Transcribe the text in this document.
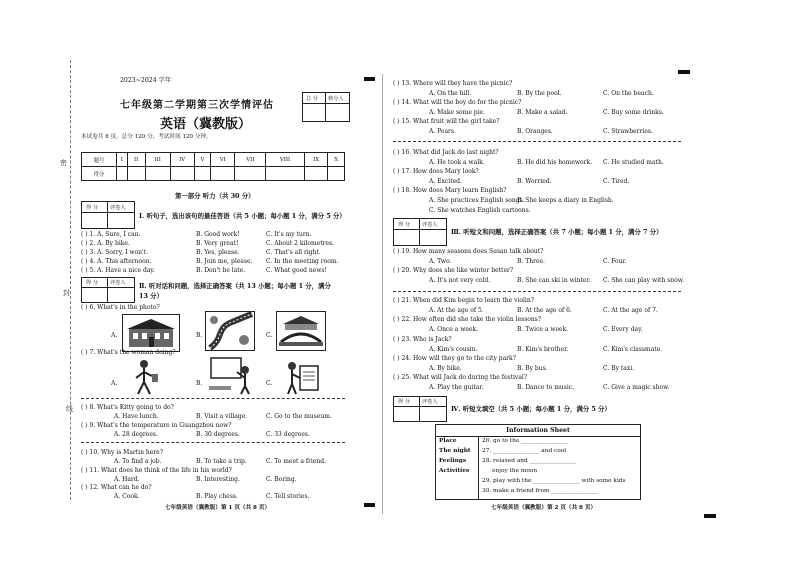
密
封
线
2023~2024 学年
七年级第二学期第三次学情评估
英语（冀教版）
总 分 核分人
本试卷共 8 页。总分 120 分，考试时间 120 分钟。
题号	I	II	III	IV	V	VI	VII	VIII	IX	X
得分										
第一部分 听力（共 30 分）
得 分 评卷人
Ⅰ. 听句子，选出该句的最佳答语（共 5 小题；每小题 1 分，满分 5 分）
( ) 1. A. Sure, I can.	B. Good work!	C. It's my turn.
( ) 2. A. By bike.	B. Very great!	C. About 2 kilometres.
( ) 3. A. Sorry, I won't.	B. Yes, please.	C. That's all right.
( ) 4. A. This afternoon.	B. Join me, please. C. In the meeting room.
( ) 5. A. Have a nice day.	B. Don't be late.	C. What good news!
得 分 评卷人 Ⅱ. 听对话和问题，选择正确答案（共 13 小题；每小题 1 分，满分
13 分）
( ) 6. What's in the photo?
A.	B.	C.
( ) 7. What's the woman doing?
A.	B.	C.
( ) 8. What's Kitty going to do?
A. Have lunch.	B. Visit a village.	C. Go to the museum.
( ) 9. What's the temperature in Guangzhou now?
A. 28 degrees.	B. 30 degrees.	C. 33 degrees.
( ) 10. Why is Martin here?
A. To find a job.	B. To take a trip.	C. To meet a friend.
( ) 11. What does he think of the life in his world?
A. Hard.	B. Interesting.	C. Boring.
( ) 12. What can he do?
A. Cook.	B. Play chess.	C. Tell stories.
七年级英语（冀教版）第 1 页（共 8 页）
( ) 13. Where will they have the picnic?
A. On the hill.	B. By the pool.	C. On the beach.
( ) 14. What will the boy do for the picnic?
A. Make some pie.	B. Make a salad.	C. Buy some drinks.
( ) 15. What fruit will the girl take?
A. Pears.	B. Oranges.	C. Strawberries.
( ) 16. What did Jack do last night?
A. He took a walk.	B. He did his homework. C. He studied math.
( ) 17. How does Mary look?
A. Excited.	B. Worried.	C. Tired.
( ) 18. How does Mary learn English?
A. She practices English songs.
B. She keeps a diary in English.
C. She watches English cartoons.
得 分 评卷人
Ⅲ. 听短文和问题，选择正确答案（共 7 小题；每小题 1 分，满分 7 分）
( ) 19. How many seasons does Susan talk about?
A. Two.	B. Three.	C. Four.
( ) 20. Why does she like winter better?
A. It's not very cold.	B. She can ski in winter. C. She can play with snow.
( ) 21. When did Kim begin to learn the violin?
A. At the age of 5.	B. At the age of 6.	C. At the age of 7.
( ) 22. How often did she take the violin lessons?
A. Once a week.	B. Twice a week.	C. Every day.
( ) 23. Who is Jack?
A. Kim's cousin.	B. Kim's brother.	C. Kim's classmate.
( ) 24. How will they go to the city park?
A. By bike.	B. By bus.	C. By taxi.
( ) 25. What will Jack do during the festival?
A. Play the guitar.	B. Dance to music.	C. Give a magic show.
得 分 评卷人
Ⅳ. 听短文填空（共 5 小题；每小题 1 分，满分 5 分）
Information Sheet
Place	26. go to the ________________
The night 27. ________________ and cool
Feelings	28. relaxed and ________________
Activities	enjoy the moon
29. play with the ________________ with some kids
30. make a friend from ________________
七年级英语（冀教版）第 2 页（共 8 页）
